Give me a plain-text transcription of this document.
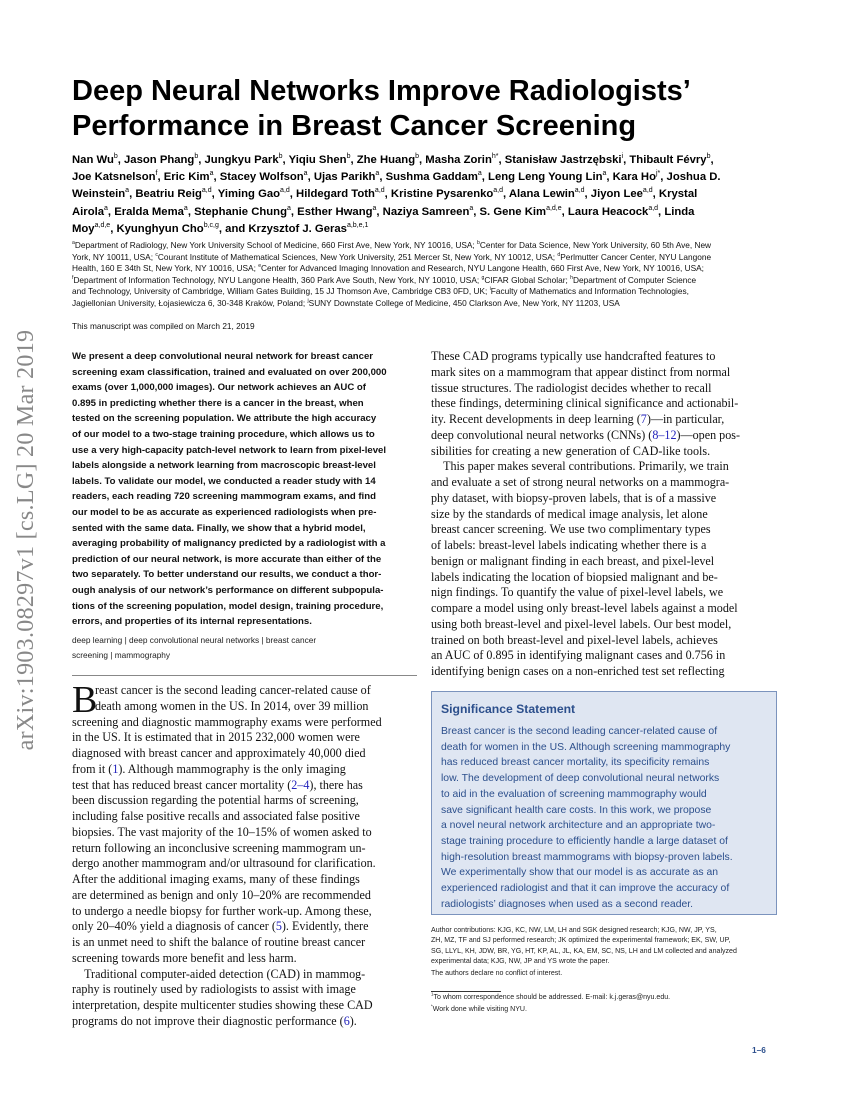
arXiv:1903.08297v1 [cs.LG] 20 Mar 2019
Deep Neural Networks Improve Radiologists’
Performance in Breast Cancer Screening
Nan Wu$^b$, Jason Phang$^b$, Jungkyu Park$^b$, Yiqiu Shen$^b$, Zhe Huang$^b$, Masha Zorin$^{h*}$, Stanisław Jastrzębski$^i$, Thibault Févry$^b$,
Joe Katsnelson$^f$, Eric Kim$^a$, Stacey Wolfson$^a$, Ujas Parikh$^a$, Sushma Gaddam$^a$, Leng Leng Young Lin$^a$, Kara $Ho^{j*}$, Joshua D.
Weinstein$^a$, Beatriu Reig$^{a,d}$, Yiming Gao$^{a,d}$, Hildegard Toth$^{a,d}$, Kristine Pysarenko$^{a,d}$, Alana Lewin$^{a,d}$, Jiyon Lee$^{a,d}$, Krystal
Airola$^a$, Eralda Mema$^a$, Stephanie Chung$^a$, Esther Hwang$^a$, Naziya Samreen$^a$, S. Gene Kim$^{a,d,e}$, Laura Heacock$^{a,d}$, Linda
Moy$^{a,d,e}$, Kyunghyun Cho$^{b,c,g}$, and Krzysztof J. Geras$^{a,b,e,1}$
$^a$Department of Radiology, New York University School of Medicine, 660 First Ave, New York, NY 10016, USA; $^b$Center for Data Science, New York University, 60 5th Ave, New
York, NY 10011, USA; $^c$Courant Institute of Mathematical Sciences, New York University, 251 Mercer St, New York, NY 10012, USA; $^d$Perlmutter Cancer Center, NYU Langone
Health, 160 E 34th St, New York, NY 10016, USA; $^e$Center for Advanced Imaging Innovation and Research, NYU Langone Health, 660 First Ave, New York, NY 10016, USA;
$^f$Department of Information Technology, NYU Langone Health, 360 Park Ave South, New York, NY 10010, USA; $^g$CIFAR Global Scholar; $^h$Department of Computer Science
and Technology, University of Cambridge, William Gates Building, 15 JJ Thomson Ave, Cambridge CB3 0FD, UK; $^i$Faculty of Mathematics and Information Technologies,
Jagiellonian University, Łojasiewicza 6, 30-348 Kraków, Poland; $^j$SUNY Downstate College of Medicine, 450 Clarkson Ave, New York, NY 11203, USA
This manuscript was compiled on March 21, 2019
We present a deep convolutional neural network for breast cancer
screening exam classification, trained and evaluated on over 200,000
exams (over 1,000,000 images). Our network achieves an AUC of
0.895 in predicting whether there is a cancer in the breast, when
tested on the screening population. We attribute the high accuracy
of our model to a two-stage training procedure, which allows us to
use a very high-capacity patch-level network to learn from pixel-level
labels alongside a network learning from macroscopic breast-level
labels. To validate our model, we conducted a reader study with 14
readers, each reading 720 screening mammogram exams, and find
our model to be as accurate as experienced radiologists when pre-
sented with the same data. Finally, we show that a hybrid model,
averaging probability of malignancy predicted by a radiologist with a
prediction of our neural network, is more accurate than either of the
two separately. To better understand our results, we conduct a thor-
ough analysis of our network’s performance on different subpopula-
tions of the screening population, model design, training procedure,
errors, and properties of its internal representations.
deep learning | deep convolutional neural networks | breast cancer
screening | mammography
B
reast cancer is the second leading cancer-related cause of
death among women in the US. In 2014, over 39 million
screening and diagnostic mammography exams were performed
in the US. It is estimated that in 2015 232,000 women were
diagnosed with breast cancer and approximately 40,000 died
from it (1). Although mammography is the only imaging
test that has reduced breast cancer mortality (2–4), there has
been discussion regarding the potential harms of screening,
including false positive recalls and associated false positive
biopsies. The vast majority of the 10–15% of women asked to
return following an inconclusive screening mammogram un-
dergo another mammogram and/or ultrasound for clarification.
After the additional imaging exams, many of these findings
are determined as benign and only 10–20% are recommended
to undergo a needle biopsy for further work-up. Among these,
only 20–40% yield a diagnosis of cancer (5). Evidently, there
is an unmet need to shift the balance of routine breast cancer
screening towards more benefit and less harm.
Traditional computer-aided detection (CAD) in mammog-
raphy is routinely used by radiologists to assist with image
interpretation, despite multicenter studies showing these CAD
programs do not improve their diagnostic performance (6).
These CAD programs typically use handcrafted features to
mark sites on a mammogram that appear distinct from normal
tissue structures. The radiologist decides whether to recall
these findings, determining clinical significance and actionabil-
ity. Recent developments in deep learning (7)—in particular,
deep convolutional neural networks (CNNs) (8–12)—open pos-
sibilities for creating a new generation of CAD-like tools.
This paper makes several contributions. Primarily, we train
and evaluate a set of strong neural networks on a mammogra-
phy dataset, with biopsy-proven labels, that is of a massive
size by the standards of medical image analysis, let alone
breast cancer screening. We use two complimentary types
of labels: breast-level labels indicating whether there is a
benign or malignant finding in each breast, and pixel-level
labels indicating the location of biopsied malignant and be-
nign findings. To quantify the value of pixel-level labels, we
compare a model using only breast-level labels against a model
using both breast-level and pixel-level labels. Our best model,
trained on both breast-level and pixel-level labels, achieves
an AUC of 0.895 in identifying malignant cases and 0.756 in
identifying benign cases on a non-enriched test set reflecting
Significance Statement
Breast cancer is the second leading cancer-related cause of
death for women in the US. Although screening mammography
has reduced breast cancer mortality, its specificity remains
low. The development of deep convolutional neural networks
to aid in the evaluation of screening mammography would
save significant health care costs. In this work, we propose
a novel neural network architecture and an appropriate two-
stage training procedure to efficiently handle a large dataset of
high-resolution breast mammograms with biopsy-proven labels.
We experimentally show that our model is as accurate as an
experienced radiologist and that it can improve the accuracy of
radiologists’ diagnoses when used as a second reader.
Author contributions: KJG, KC, NW, LM, LH and SGK designed research; KJG, NW, JP, YS,
ZH, MZ, TF and SJ performed research; JK optimized the experimental framework; EK, SW, UP,
SG, LLYL, KH, JDW, BR, YG, HT, KP, AL, JL, KA, EM, SC, NS, LH and LM collected and analyzed
experimental data; KJG, NW, JP and YS wrote the paper.
The authors declare no conflict of interest.
$^1$To whom correspondence should be addressed. E-mail: k.j.geras@nyu.edu.
*Work done while visiting NYU.
1–6
